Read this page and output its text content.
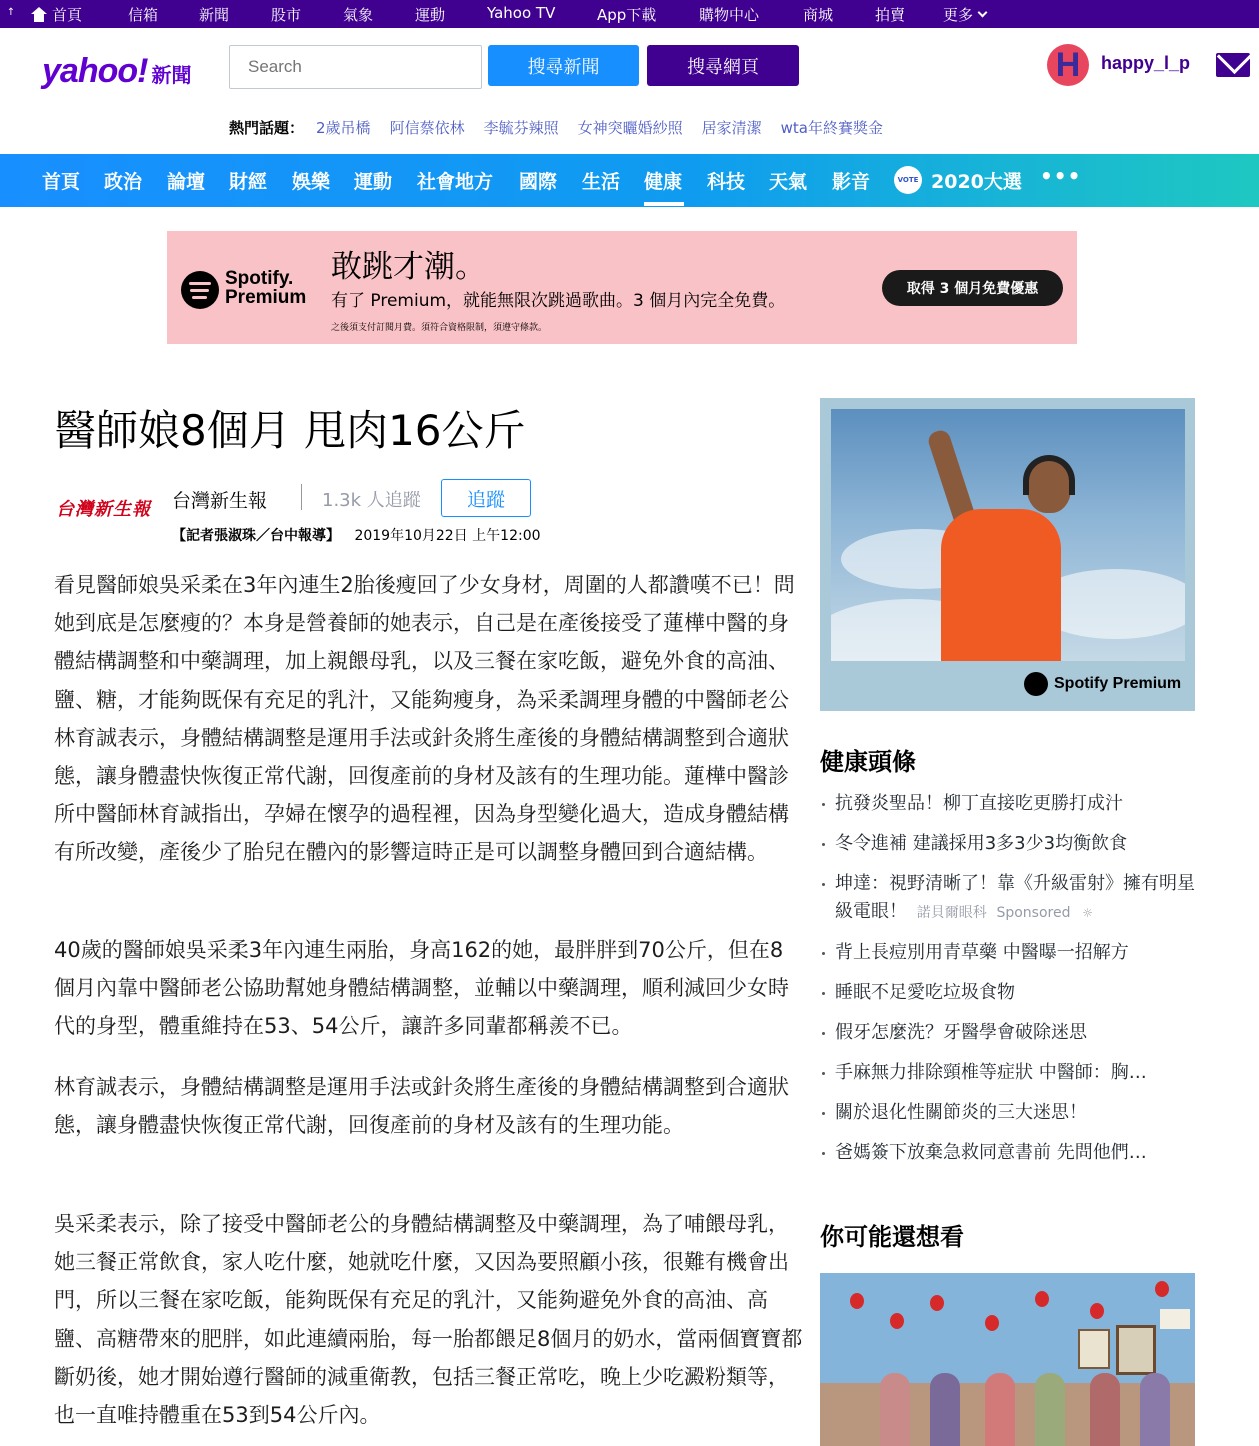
↑ 首頁	信箱	新聞	股市	氣象	運動	Yahoo TV	App下載	購物中心	商城	拍賣	更多
yahoo! 新聞
Search	搜尋新聞	搜尋網頁	H happy_l_p
熱門話題： 2歲吊橋 阿信蔡依林 李毓芬辣照 女神突曬婚紗照 居家清潔 wta年終賽獎金
首頁 政治 論壇 財經 娛樂 運動 社會地方 國際 生活 健康 科技 天氣 影音	VOTE 2020大選 •••
Spotify.
Premium
敢跳才潮。
有了 Premium，就能無限次跳過歌曲。3 個月內完全免費。
之後須支付訂閱月費。須符合資格限制，須遵守條款。
取得 3 個月免費優惠
醫師娘8個月 甩肉16公斤
台灣新生報 台灣新生報	1.3k 人追蹤	追蹤
【記者張淑珠／台中報導】 2019年10月22日 上午12:00

看見醫師娘吳采柔在3年內連生2胎後瘦回了少女身材，周圍的人都讚嘆不已！問她到底是怎麼瘦的？本身是營養師的她表示，自己是在產後接受了蓮樺中醫的身體結構調整和中藥調理，加上親餵母乳，以及三餐在家吃飯，避免外食的高油、鹽、糖，才能夠既保有充足的乳汁，又能夠瘦身，為采柔調理身體的中醫師老公林育誠表示，身體結構調整是運用手法或針灸將生產後的身體結構調整到合適狀態，讓身體盡快恢復正常代謝，回復產前的身材及該有的生理功能。蓮樺中醫診所中醫師林育誠指出，孕婦在懷孕的過程裡，因為身型變化過大，造成身體結構有所改變，產後少了胎兒在體內的影響這時正是可以調整身體回到合適結構。

40歲的醫師娘吳采柔3年內連生兩胎，身高162的她，最胖胖到70公斤，但在8個月內靠中醫師老公協助幫她身體結構調整，並輔以中藥調理，順利減回少女時代的身型，體重維持在53、54公斤，讓許多同輩都稱羨不已。

林育誠表示，身體結構調整是運用手法或針灸將生產後的身體結構調整到合適狀態，讓身體盡快恢復正常代謝，回復產前的身材及該有的生理功能。

吳采柔表示，除了接受中醫師老公的身體結構調整及中藥調理，為了哺餵母乳，她三餐正常飲食，家人吃什麼，她就吃什麼，又因為要照顧小孩，很難有機會出門，所以三餐在家吃飯，能夠既保有充足的乳汁，又能夠避免外食的高油、高鹽、高糖帶來的肥胖，如此連續兩胎，每一胎都餵足8個月的奶水，當兩個寶寶都斷奶後，她才開始遵行醫師的減重衛教，包括三餐正常吃，晚上少吃澱粉類等，也一直唯持體重在53到54公斤內。

Spotify Premium
健康頭條
抗發炎聖品！柳丁直接吃更勝打成汁
冬令進補 建議採用3多3少3均衡飲食
坤達：視野清晰了！靠《升級雷射》擁有明星級電眼！ 諾貝爾眼科 Sponsored ☼
背上長痘別用青草藥 中醫曝一招解方
睡眠不足愛吃垃圾食物
假牙怎麼洗？牙醫學會破除迷思
手麻無力排除頸椎等症狀 中醫師：胸…
關於退化性關節炎的三大迷思！
爸媽簽下放棄急救同意書前 先問他們…
你可能還想看
